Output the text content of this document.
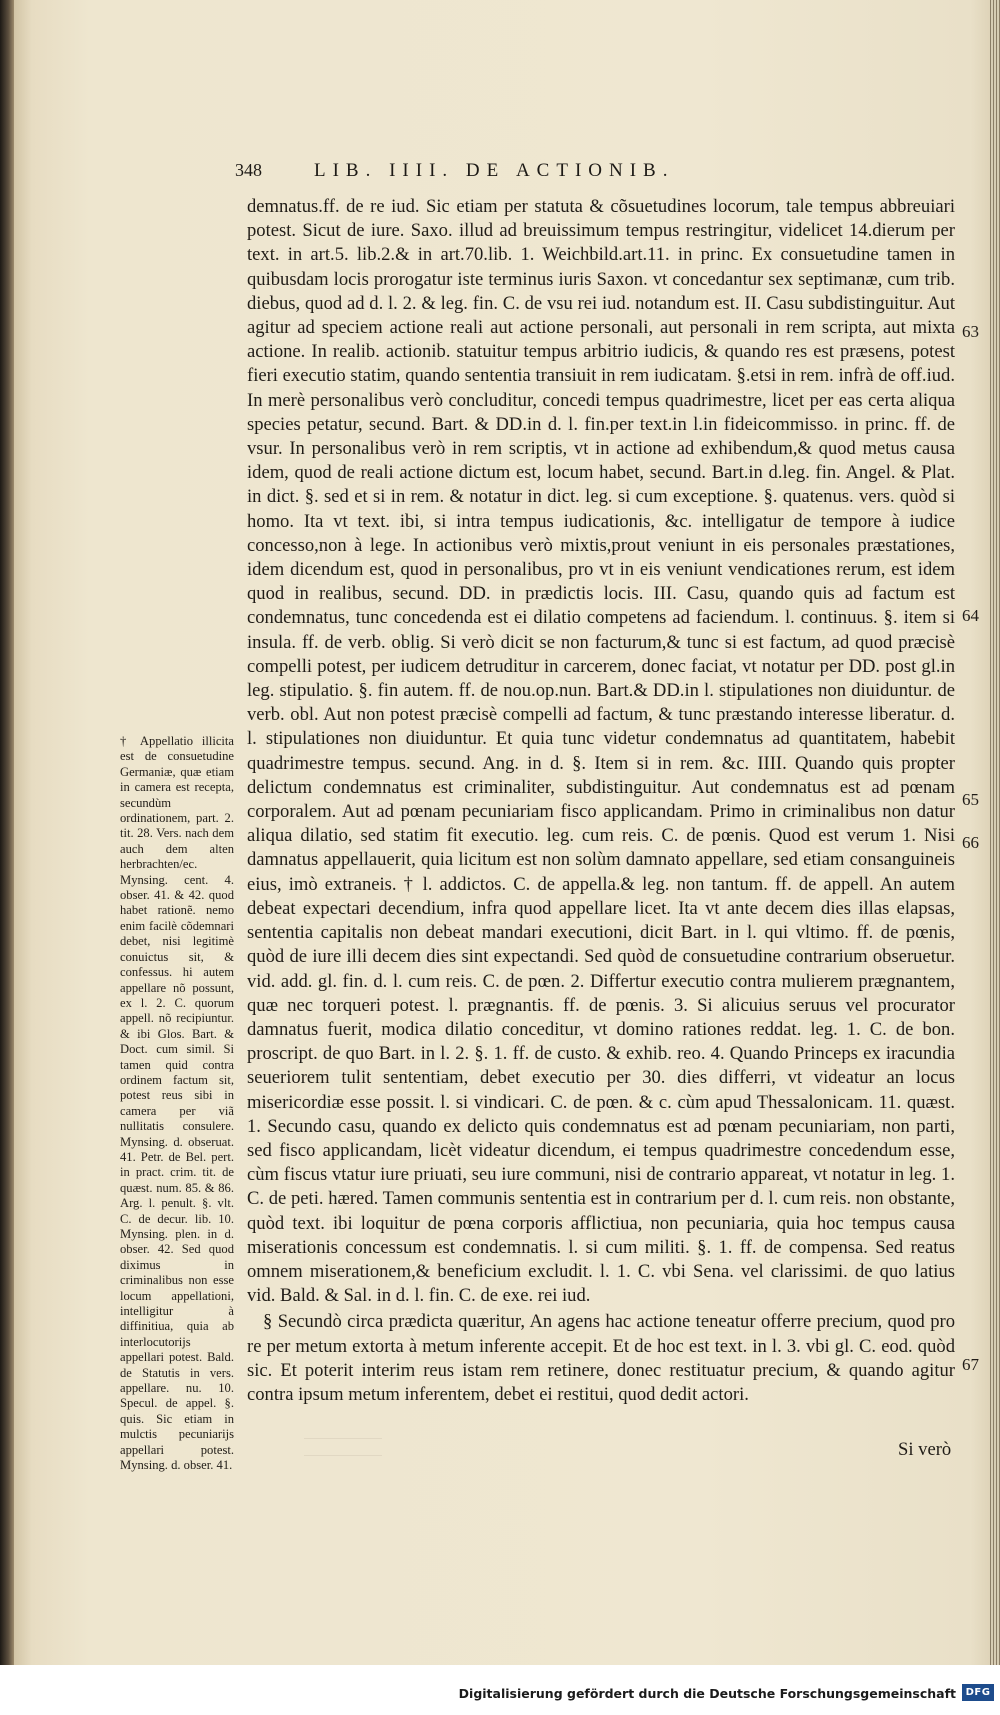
348	LIB. IIII. DE ACTIONIB.

demnatus.ff. de re iud. Sic etiam per statuta & cõsuetudines locorum, tale tempus abbreuiari potest. Sicut de iure. Saxo. illud ad breuissimum tempus restringitur, videlicet 14.dierum per text. in art.5. lib.2.& in art.70.lib. 1. Weichbild.art.11. in princ. Ex consuetudine tamen in quibusdam locis prorogatur iste terminus iuris Saxon. vt concedantur sex septimanæ, cum trib. diebus, quod ad d. l. 2. & leg. fin. C. de vsu rei iud. notandum est. II. Casu subdistinguitur. Aut agitur ad speciem actione reali aut actione personali, aut personali in rem scripta, aut mixta actione. In realib. actionib. statuitur tempus arbitrio iudicis, & quando res est præsens, potest fieri executio statim, quando sententia transiuit in rem iudicatam. §.etsi in rem. infrà de off.iud. In merè personalibus verò concluditur, concedi tempus quadrimestre, licet per eas certa aliqua species petatur, secund. Bart. & DD.in d. l. fin.per text.in l.in fideicommisso. in princ. ff. de vsur. In personalibus verò in rem scriptis, vt in actione ad exhibendum,& quod metus causa idem, quod de reali actione dictum est, locum habet, secund. Bart.in d.leg. fin. Angel. & Plat. in dict. §. sed et si in rem. & notatur in dict. leg. si cum exceptione. §. quatenus. vers. quòd si homo. Ita vt text. ibi, si intra tempus iudicationis, &c. intelligatur de tempore à iudice concesso,non à lege. In actionibus verò mixtis,prout veniunt in eis personales præstationes, idem dicendum est, quod in personalibus, pro vt in eis veniunt vendicationes rerum, est idem quod in realibus, secund. DD. in prædictis locis. III. Casu, quando quis ad factum est condemnatus, tunc concedenda est ei dilatio competens ad faciendum. l. continuus. §. item si insula. ff. de verb. oblig. Si verò dicit se non facturum,& tunc si est factum, ad quod præcisè compelli potest, per iudicem detruditur in carcerem, donec faciat, vt notatur per DD. post gl.in leg. stipulatio. §. fin autem. ff. de nou.op.nun. Bart.& DD.in l. stipulationes non diuiduntur. de verb. obl. Aut non potest præcisè compelli ad factum, & tunc præstando interesse liberatur. d. l. stipulationes non diuiduntur. Et quia tunc videtur condemnatus ad quantitatem, habebit quadrimestre tempus. secund. Ang. in d. §. Item si in rem. &c. IIII. Quando quis propter delictum condemnatus est criminaliter, subdistinguitur. Aut condemnatus est ad pœnam corporalem. Aut ad pœnam pecuniariam fisco applicandam. Primo in criminalibus non datur aliqua dilatio, sed statim fit executio. leg. cum reis. C. de pœnis. Quod est verum 1. Nisi damnatus appellauerit, quia licitum est non solùm damnato appellare, sed etiam consanguineis eius, imò extraneis. † l. addictos. C. de appella.& leg. non tantum. ff. de appell. An autem debeat expectari decendium, infra quod appellare licet. Ita vt ante decem dies illas elapsas, sententia capitalis non debeat mandari executioni, dicit Bart. in l. qui vltimo. ff. de pœnis, quòd de iure illi decem dies sint expectandi. Sed quòd de consuetudine contrarium obseruetur. vid. add. gl. fin. d. l. cum reis. C. de pœn. 2. Differtur executio contra mulierem prægnantem, quæ nec torqueri potest. l. prægnantis. ff. de pœnis. 3. Si alicuius seruus vel procurator damnatus fuerit, modica dilatio conceditur, vt domino rationes reddat. leg. 1. C. de bon. proscript. de quo Bart. in l. 2. §. 1. ff. de custo. & exhib. reo. 4. Quando Princeps ex iracundia seueriorem tulit sententiam, debet executio per 30. dies differri, vt videatur an locus misericordiæ esse possit. l. si vindicari. C. de pœn. & c. cùm apud Thessalonicam. 11. quæst. 1. Secundo casu, quando ex delicto quis condemnatus est ad pœnam pecuniariam, non parti, sed fisco applicandam, licèt videatur dicendum, ei tempus quadrimestre concedendum esse, cùm fiscus vtatur iure priuati, seu iure communi, nisi de contrario appareat, vt notatur in leg. 1. C. de peti. hæred. Tamen communis sententia est in contrarium per d. l. cum reis. non obstante, quòd text. ibi loquitur de pœna corporis afflictiua, non pecuniaria, quia hoc tempus causa miserationis concessum est condemnatis. l. si cum militi. §. 1. ff. de compensa. Sed reatus omnem miserationem,& beneficium excludit. l. 1. C. vbi Sena. vel clarissimi. de quo latius vid. Bald. & Sal. in d. l. fin. C. de exe. rei iud.

§ Secundò circa prædicta quæritur, An agens hac actione teneatur offerre precium, quod pro re per metum extorta à metum inferente accepit. Et de hoc est text. in l. 3. vbi gl. C. eod. quòd sic. Et poterit interim reus istam rem retinere, donec restituatur precium, & quando agitur contra ipsum metum inferentem, debet ei restitui, quod dedit actori.

† Appellatio illicita est de consuetudine Germaniæ, quæ etiam in camera est recepta, secundùm ordinationem, part. 2. tit. 28. Vers. nach dem auch dem alten herbrachten/ec. Mynsing. cent. 4. obser. 41. & 42. quod habet rationẽ. nemo enim facilè cõdemnari debet, nisi legitimè conuictus sit, & confessus. hi autem appellare nõ possunt, ex l. 2. C. quorum appell. nõ recipiuntur. & ibi Glos. Bart. & Doct. cum simil. Si tamen quid contra ordinem factum sit, potest reus sibi in camera per viã nullitatis consulere. Mynsing. d. obseruat. 41. Petr. de Bel. pert. in pract. crim. tit. de quæst. num. 85. & 86. Arg. l. penult. §. vlt. C. de decur. lib. 10. Mynsing. plen. in d. obser. 42. Sed quod diximus in criminalibus non esse locum appellationi, intelligitur à diffinitiua, quia ab interlocutorijs appellari potest. Bald. de Statutis in vers. appellare. nu. 10. Specul. de appel. §. quis. Sic etiam in mulctis pecuniarijs appellari potest. Mynsing. d. obser. 41.
63
64
65
66
67
Si verò
Digitalisierung gefördert durch die Deutsche Forschungsgemeinschaft DFG
